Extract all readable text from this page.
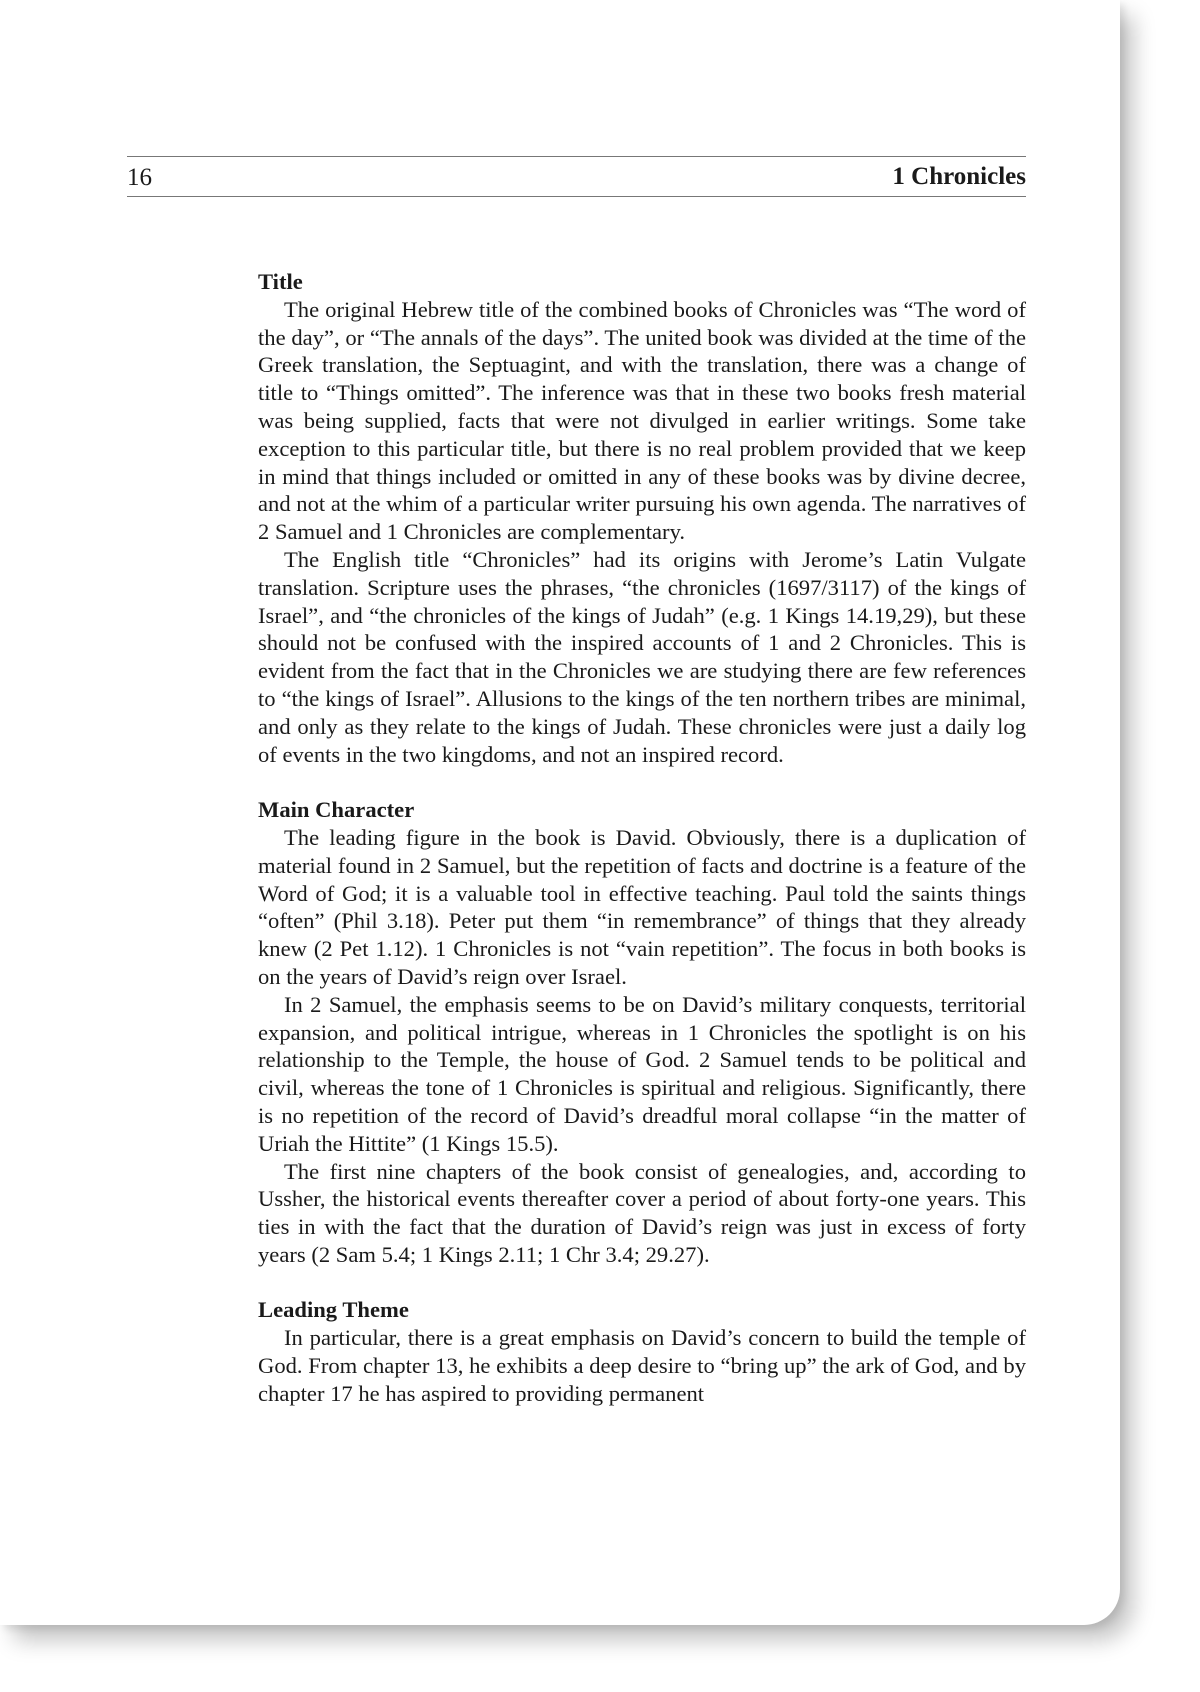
16	1 Chronicles
Title

The original Hebrew title of the combined books of Chronicles was “The word of the day”, or “The annals of the days”. The united book was divided at the time of the Greek translation, the Septuagint, and with the translation, there was a change of title to “Things omitted”. The inference was that in these two books fresh material was being supplied, facts that were not divulged in earlier writings. Some take exception to this particular title, but there is no real problem provided that we keep in mind that things included or omitted in any of these books was by divine decree, and not at the whim of a particular writer pursuing his own agenda. The narratives of 2 Samuel and 1 Chronicles are complementary.

The English title “Chronicles” had its origins with Jerome’s Latin Vulgate translation. Scripture uses the phrases, “the chronicles (1697/3117) of the kings of Israel”, and “the chronicles of the kings of Judah” (e.g. 1 Kings 14.19,29), but these should not be confused with the inspired accounts of 1 and 2 Chronicles. This is evident from the fact that in the Chronicles we are studying there are few references to “the kings of Israel”. Allusions to the kings of the ten northern tribes are minimal, and only as they relate to the kings of Judah. These chronicles were just a daily log of events in the two kingdoms, and not an inspired record.

Main Character

The leading figure in the book is David. Obviously, there is a duplication of material found in 2 Samuel, but the repetition of facts and doctrine is a feature of the Word of God; it is a valuable tool in effective teaching. Paul told the saints things “often” (Phil 3.18). Peter put them “in remembrance” of things that they already knew (2 Pet 1.12). 1 Chronicles is not “vain repetition”. The focus in both books is on the years of David’s reign over Israel.

In 2 Samuel, the emphasis seems to be on David’s military conquests, territorial expansion, and political intrigue, whereas in 1 Chronicles the spotlight is on his relationship to the Temple, the house of God. 2 Samuel tends to be political and civil, whereas the tone of 1 Chronicles is spiritual and religious. Significantly, there is no repetition of the record of David’s dreadful moral collapse “in the matter of Uriah the Hittite” (1 Kings 15.5).

The first nine chapters of the book consist of genealogies, and, according to Ussher, the historical events thereafter cover a period of about forty-one years. This ties in with the fact that the duration of David’s reign was just in excess of forty years (2 Sam 5.4; 1 Kings 2.11; 1 Chr 3.4; 29.27).

Leading Theme

In particular, there is a great emphasis on David’s concern to build the temple of God. From chapter 13, he exhibits a deep desire to “bring up” the ark of God, and by chapter 17 he has aspired to providing permanent
